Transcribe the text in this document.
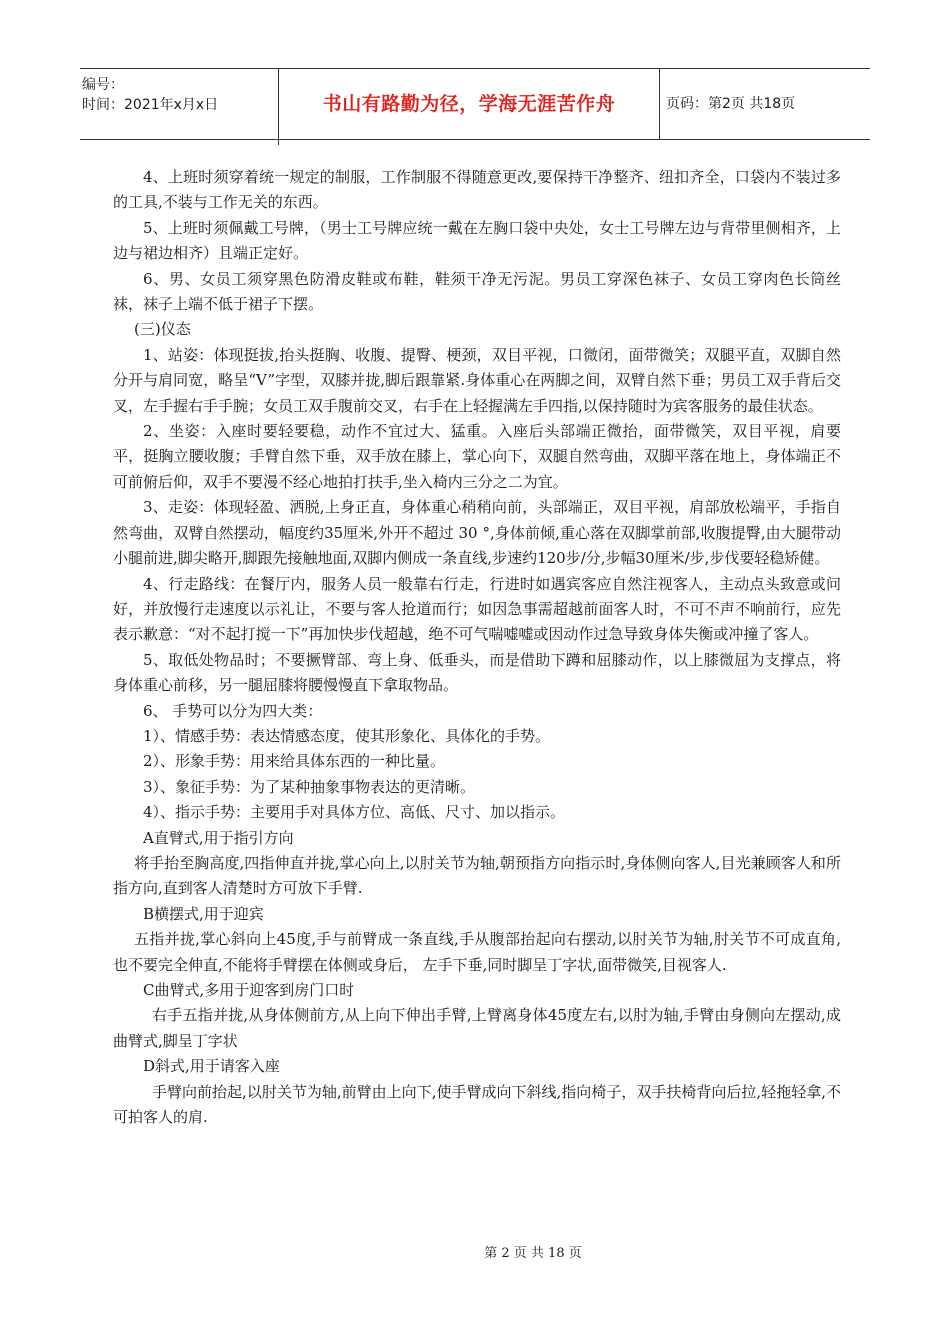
编号：
时间：2021年x月x日	书山有路勤为径，学海无涯苦作舟	页码：第2页 共18页

4、上班时须穿着统一规定的制服，工作制服不得随意更改,要保持干净整齐、纽扣齐全，口袋内不装过多的工具,不装与工作无关的东西。

5、上班时须佩戴工号牌，（男士工号牌应统一戴在左胸口袋中央处，女士工号牌左边与背带里侧相齐，上边与裙边相齐）且端正定好。

6、男、女员工须穿黑色防滑皮鞋或布鞋，鞋须干净无污泥。男员工穿深色袜子、女员工穿肉色长筒丝袜，袜子上端不低于裙子下摆。

(三)仪态

1、站姿：体现挺拔,抬头挺胸、收腹、提臀、梗颈，双目平视，口微闭，面带微笑；双腿平直，双脚自然分开与肩同宽，略呈“V”字型，双膝并拢,脚后跟靠紧.身体重心在两脚之间，双臂自然下垂；男员工双手背后交叉，左手握右手手腕；女员工双手腹前交叉，右手在上轻握满左手四指,以保持随时为宾客服务的最佳状态。

2、坐姿：入座时要轻要稳，动作不宜过大、猛重。入座后头部端正微抬，面带微笑，双目平视，肩要平，挺胸立腰收腹；手臂自然下垂，双手放在膝上，掌心向下，双腿自然弯曲，双脚平落在地上，身体端正不可前俯后仰，双手不要漫不经心地拍打扶手,坐入椅内三分之二为宜。

3、走姿：体现轻盈、洒脱,上身正直，身体重心稍稍向前，头部端正，双目平视，肩部放松端平，手指自然弯曲，双臂自然摆动，幅度约35厘米,外开不超过 30 °,身体前倾,重心落在双脚掌前部,收腹提臀,由大腿带动小腿前进,脚尖略开,脚跟先接触地面,双脚内侧成一条直线,步速约120步/分,步幅30厘米/步,步伐要轻稳矫健。

4、行走路线：在餐厅内，服务人员一般靠右行走，行进时如遇宾客应自然注视客人，主动点头致意或问好，并放慢行走速度以示礼让，不要与客人抢道而行；如因急事需超越前面客人时，不可不声不响前行，应先表示歉意：“对不起打搅一下”再加快步伐超越，绝不可气喘嘘嘘或因动作过急导致身体失衡或冲撞了客人。

5、取低处物品时；不要撅臂部、弯上身、低垂头，而是借助下蹲和屈膝动作，以上膝微屈为支撑点，将身体重心前移，另一腿屈膝将腰慢慢直下拿取物品。

6、 手势可以分为四大类：

1）、情感手势：表达情感态度，使其形象化、具体化的手势。

2）、形象手势：用来给具体东西的一种比量。

3）、象征手势：为了某种抽象事物表达的更清晰。

4）、指示手势：主要用手对具体方位、高低、尺寸、加以指示。

A直臂式,用于指引方向

将手抬至胸高度,四指伸直并拢,掌心向上,以肘关节为轴,朝预指方向指示时,身体侧向客人,目光兼顾客人和所指方向,直到客人清楚时方可放下手臂.

B横摆式,用于迎宾

五指并拢,掌心斜向上45度,手与前臂成一条直线,手从腹部抬起向右摆动,以肘关节为轴,肘关节不可成直角,也不要完全伸直,不能将手臂摆在体侧或身后， 左手下垂,同时脚呈丁字状,面带微笑,目视客人.

C曲臂式,多用于迎客到房门口时

右手五指并拢,从身体侧前方,从上向下伸出手臂,上臂离身体45度左右,以肘为轴,手臂由身侧向左摆动,成曲臂式,脚呈丁字状

D斜式,用于请客入座

手臂向前抬起,以肘关节为轴,前臂由上向下,使手臂成向下斜线,指向椅子，双手扶椅背向后拉,轻拖轻拿,不可拍客人的肩.

第 2 页 共 18 页
